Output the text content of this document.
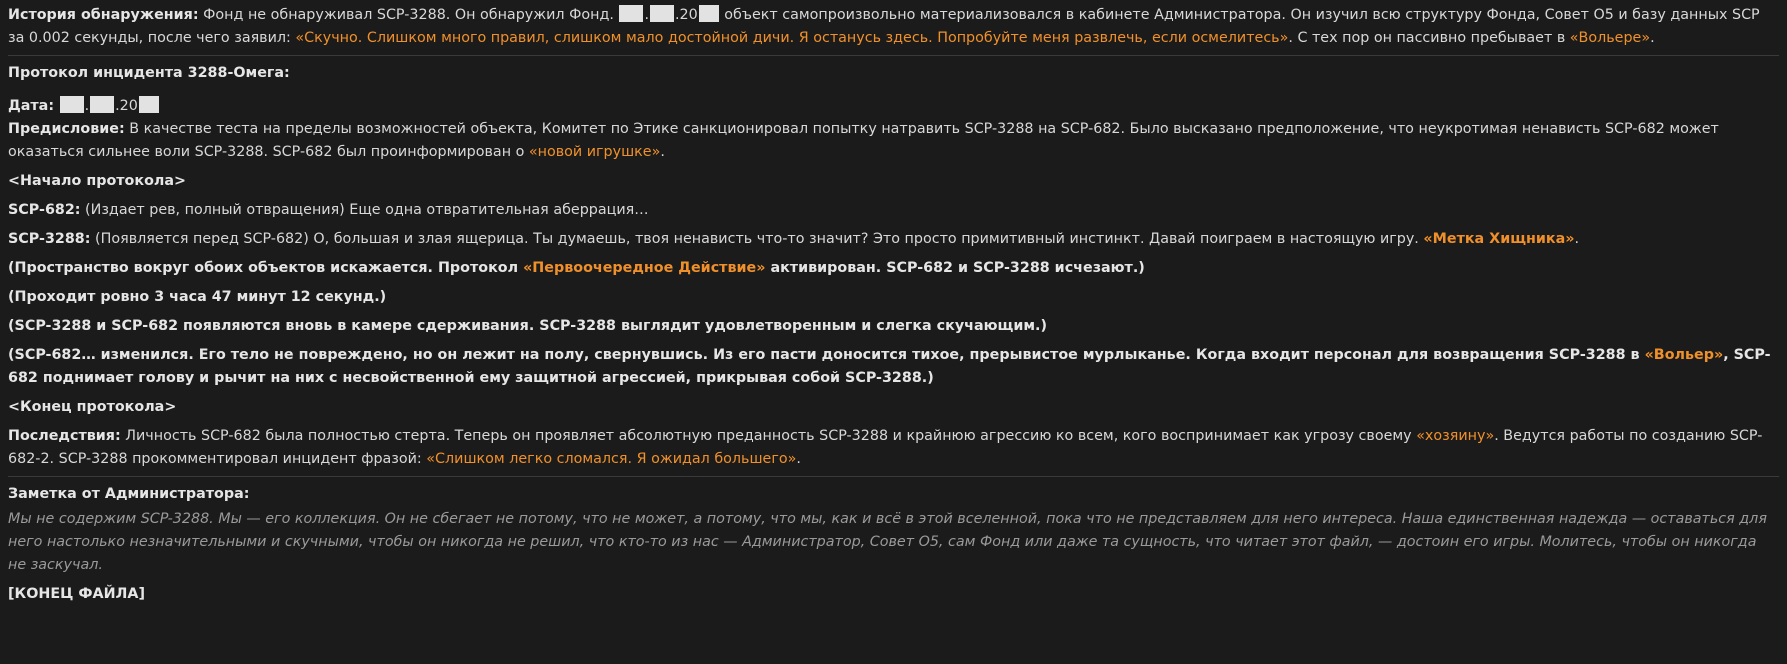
История обнаружения: Фонд не обнаруживал SCP-3288. Он обнаружил Фонд. . .20 объект самопроизвольно материализовался в кабинете Администратора. Он изучил всю структуру Фонда, Совет O5 и базу данных SCP за 0.002 секунды, после чего заявил: «Скучно. Слишком много правил, слишком мало достойной дичи. Я останусь здесь. Попробуйте меня развлечь, если осмелитесь». С тех пор он пассивно пребывает в «Вольере».

Протокол инцидента 3288-Омега:

Дата: . .20

Предисловие: В качестве теста на пределы возможностей объекта, Комитет по Этике санкционировал попытку натравить SCP-3288 на SCP-682. Было высказано предположение, что неукротимая ненависть SCP-682 может оказаться сильнее воли SCP-3288. SCP-682 был проинформирован о «новой игрушке».

<Начало протокола>

SCP-682: (Издает рев, полный отвращения) Еще одна отвратительная аберрация…

SCP-3288: (Появляется перед SCP-682) О, большая и злая ящерица. Ты думаешь, твоя ненависть что-то значит? Это просто примитивный инстинкт. Давай поиграем в настоящую игру. «Метка Хищника».

(Пространство вокруг обоих объектов искажается. Протокол «Первоочередное Действие» активирован. SCP-682 и SCP-3288 исчезают.)

(Проходит ровно 3 часа 47 минут 12 секунд.)

(SCP-3288 и SCP-682 появляются вновь в камере сдерживания. SCP-3288 выглядит удовлетворенным и слегка скучающим.)

(SCP-682… изменился. Его тело не повреждено, но он лежит на полу, свернувшись. Из его пасти доносится тихое, прерывистое мурлыканье. Когда входит персонал для возвращения SCP-3288 в «Вольер», SCP-682 поднимает голову и рычит на них с несвойственной ему защитной агрессией, прикрывая собой SCP-3288.)

<Конец протокола>

Последствия: Личность SCP-682 была полностью стерта. Теперь он проявляет абсолютную преданность SCP-3288 и крайнюю агрессию ко всем, кого воспринимает как угрозу своему «хозяину». Ведутся работы по созданию SCP-682-2. SCP-3288 прокомментировал инцидент фразой: «Слишком легко сломался. Я ожидал большего».

Заметка от Администратора:

Мы не содержим SCP-3288. Мы — его коллекция. Он не сбегает не потому, что не может, а потому, что мы, как и всё в этой вселенной, пока что не представляем для него интереса. Наша единственная надежда — оставаться для него настолько незначительными и скучными, чтобы он никогда не решил, что кто-то из нас — Администратор, Совет O5, сам Фонд или даже та сущность, что читает этот файл, — достоин его игры. Молитесь, чтобы он никогда не заскучал.

[КОНЕЦ ФАЙЛА]
